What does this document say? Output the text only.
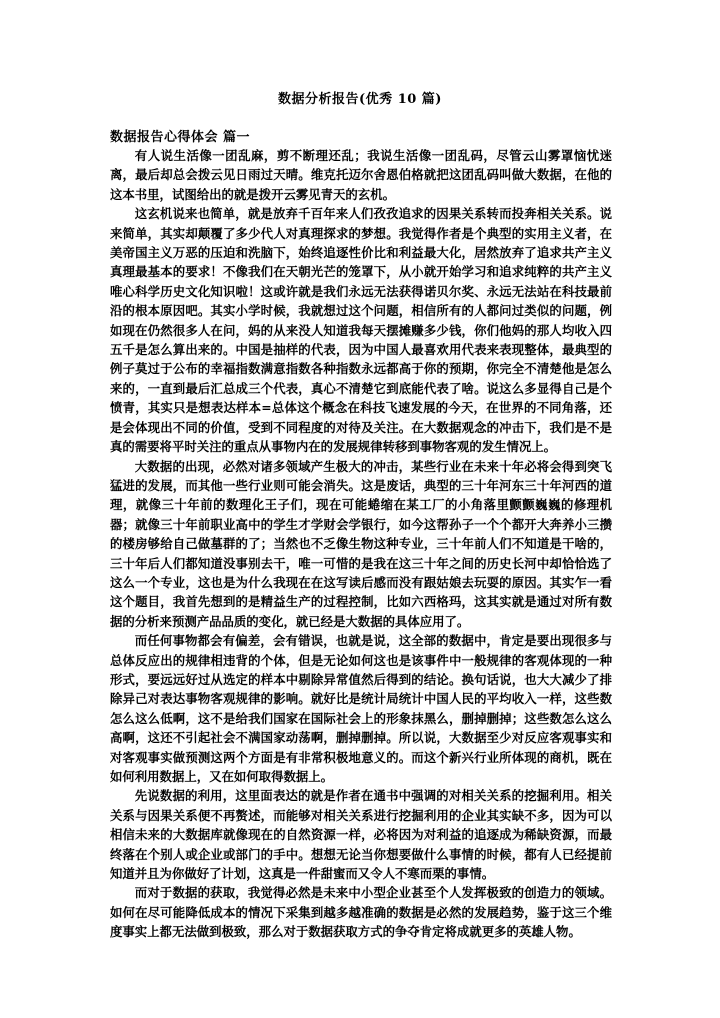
数据分析报告(优秀 10 篇)
数据报告心得体会 篇一

有人说生活像一团乱麻，剪不断理还乱；我说生活像一团乱码，尽管云山雾罩恼忧迷离，最后却总会拨云见日雨过天晴。维克托迈尔舍恩伯格就把这团乱码叫做大数据，在他的这本书里，试图给出的就是拨开云雾见青天的玄机。

这玄机说来也简单，就是放弃千百年来人们孜孜追求的因果关系转而投奔相关关系。说来简单，其实却颠覆了多少代人对真理探求的梦想。我觉得作者是个典型的实用主义者，在美帝国主义万恶的压迫和洗脑下，始终追逐性价比和利益最大化，居然放弃了追求共产主义真理最基本的要求！不像我们在天朝光芒的笼罩下，从小就开始学习和追求纯粹的共产主义唯心科学历史文化知识啦！这或许就是我们永远无法获得诺贝尔奖、永远无法站在科技最前沿的根本原因吧。其实小学时候，我就想过这个问题，相信所有的人都问过类似的问题，例如现在仍然很多人在问，妈的从来没人知道我每天摆摊赚多少钱，你们他妈的那人均收入四五千是怎么算出来的。中国是抽样的代表，因为中国人最喜欢用代表来表现整体，最典型的例子莫过于公布的幸福指数满意指数各种指数永远都高于你的预期，你完全不清楚他是怎么来的，一直到最后汇总成三个代表，真心不清楚它到底能代表了啥。说这么多显得自己是个愤青，其实只是想表达样本=总体这个概念在科技飞速发展的今天，在世界的不同角落，还是会体现出不同的价值，受到不同程度的对待及关注。在大数据观念的冲击下，我们是不是真的需要将平时关注的重点从事物内在的发展规律转移到事物客观的发生情况上。

大数据的出现，必然对诸多领域产生极大的冲击，某些行业在未来十年必将会得到突飞猛进的发展，而其他一些行业则可能会消失。这是废话，典型的三十年河东三十年河西的道理，就像三十年前的数理化王子们，现在可能蜷缩在某工厂的小角落里颤颤巍巍的修理机器；就像三十年前职业高中的学生才学财会学银行，如今这帮孙子一个个都开大奔养小三攒的楼房够给自己做墓群的了；当然也不乏像生物这种专业，三十年前人们不知道是干啥的，三十年后人们都知道没事别去干，唯一可惜的是我在这三十年之间的历史长河中却恰恰选了这么一个专业，这也是为什么我现在在这写读后感而没有跟姑娘去玩耍的原因。其实乍一看这个题目，我首先想到的是精益生产的过程控制，比如六西格玛，这其实就是通过对所有数据的分析来预测产品品质的变化，就已经是大数据的具体应用了。

而任何事物都会有偏差，会有错误，也就是说，这全部的数据中，肯定是要出现很多与总体反应出的规律相违背的个体，但是无论如何这也是该事件中一般规律的客观体现的一种形式，要远远好过从选定的样本中剔除异常值然后得到的结论。换句话说，也大大减少了排除异己对表达事物客观规律的影响。就好比是统计局统计中国人民的平均收入一样，这些数怎么这么低啊，这不是给我们国家在国际社会上的形象抹黑么，删掉删掉；这些数怎么这么高啊，这还不引起社会不满国家动荡啊，删掉删掉。所以说，大数据至少对反应客观事实和对客观事实做预测这两个方面是有非常积极地意义的。而这个新兴行业所体现的商机，既在如何利用数据上，又在如何取得数据上。

先说数据的利用，这里面表达的就是作者在通书中强调的对相关关系的挖掘利用。相关关系与因果关系便不再赘述，而能够对相关关系进行挖掘利用的企业其实缺不多，因为可以相信未来的大数据库就像现在的自然资源一样，必将因为对利益的追逐成为稀缺资源，而最终落在个别人或企业或部门的手中。想想无论当你想要做什么事情的时候，都有人已经提前知道并且为你做好了计划，这真是一件甜蜜而又令人不寒而栗的事情。

而对于数据的获取，我觉得必然是未来中小型企业甚至个人发挥极致的创造力的领域。如何在尽可能降低成本的情况下采集到越多越准确的数据是必然的发展趋势，鉴于这三个维度事实上都无法做到极致，那么对于数据获取方式的争夺肯定将成就更多的英雄人物。
